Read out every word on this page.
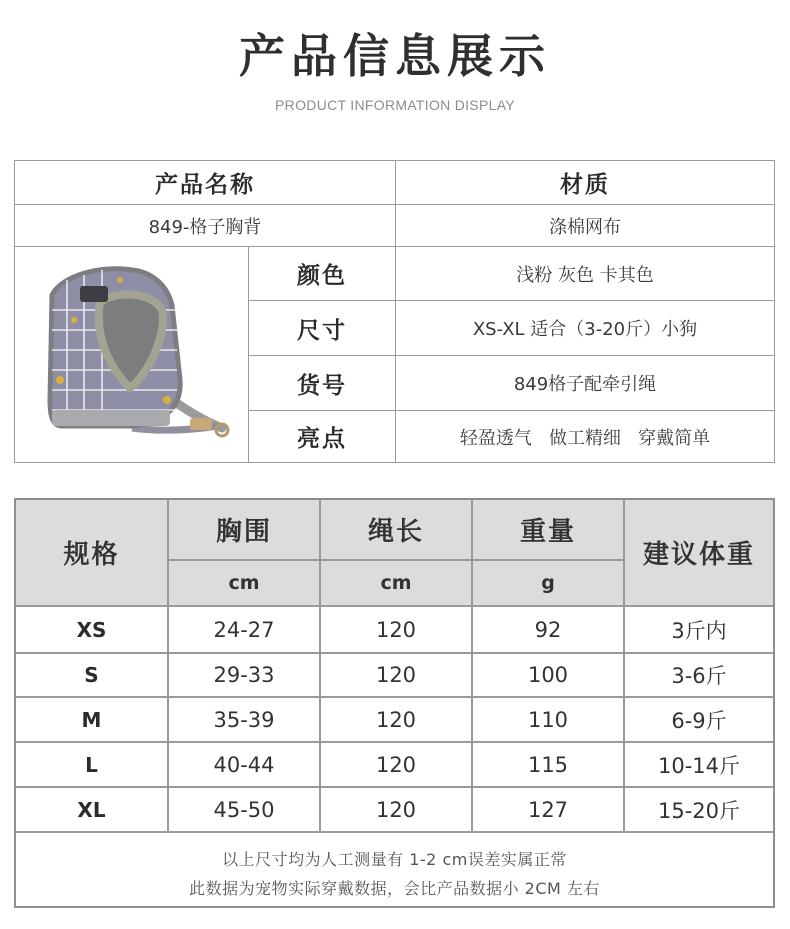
产品信息展示
PRODUCT INFORMATION DISPLAY
产品名称	材质
849-格子胸背	涤棉网布
颜色	浅粉 灰色 卡其色
尺寸	XS-XL 适合（3-20斤）小狗
货号	849格子配牵引绳
亮点	轻盈透气   做工精细   穿戴简单
规格
胸围	绳长	重量
建议体重
cm	cm	g
XS	24-27	120	92	3斤内
S	29-33	120	100	3-6斤
M	35-39	120	110	6-9斤
L	40-44	120	115	10-14斤
XL	45-50	120	127	15-20斤
以上尺寸均为人工测量有 1-2 cm误差实属正常
此数据为宠物实际穿戴数据，会比产品数据小 2CM 左右
